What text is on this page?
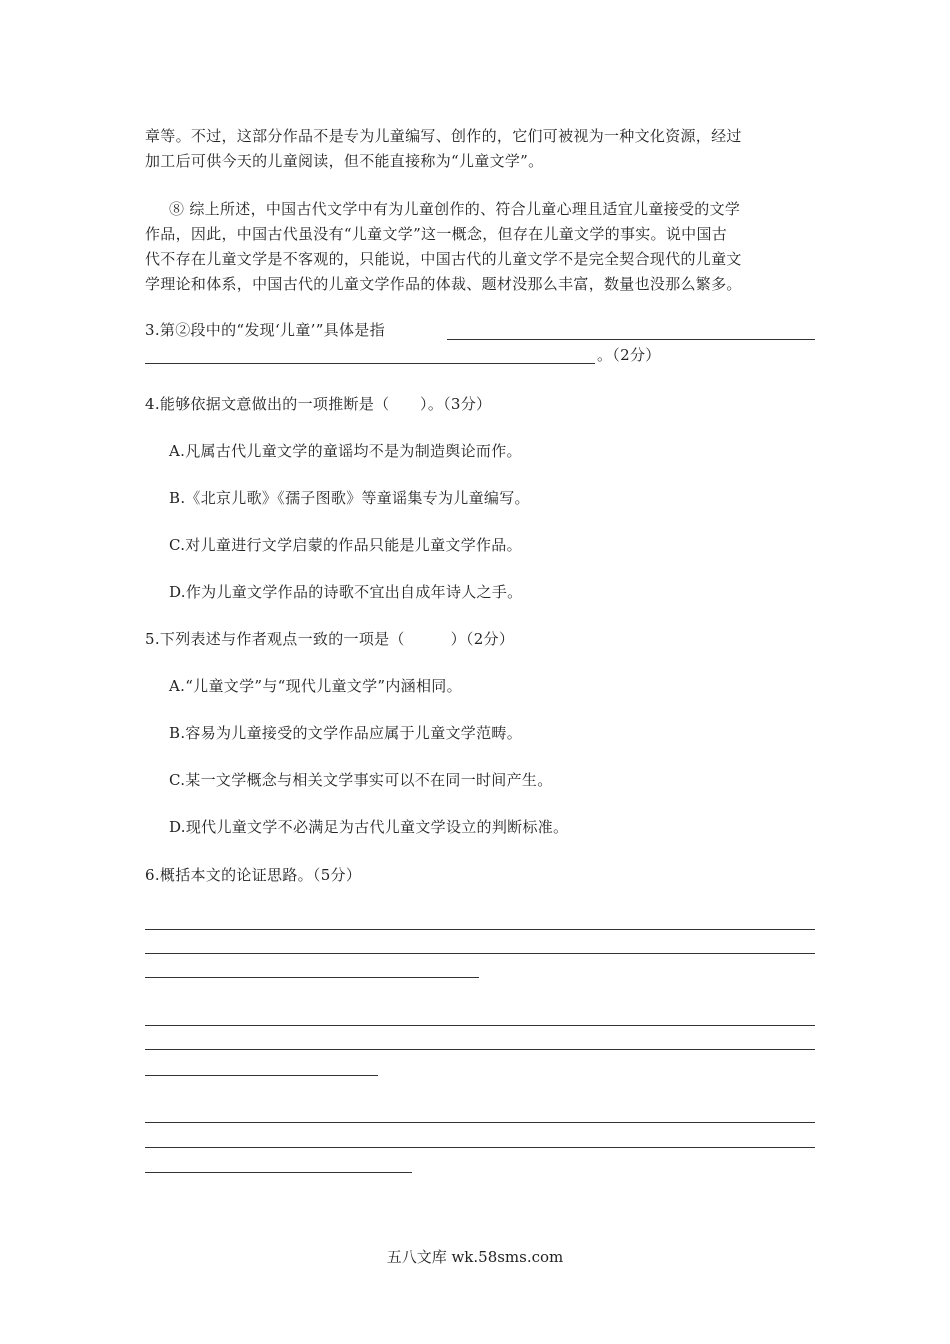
章等。不过，这部分作品不是专为儿童编写、创作的，它们可被视为一种文化资源，经过
加工后可供今天的儿童阅读，但不能直接称为“儿童文学”。
⑧ 综上所述，中国古代文学中有为儿童创作的、符合儿童心理且适宜儿童接受的文学
作品，因此，中国古代虽没有“儿童文学”这一概念，但存在儿童文学的事实。说中国古
代不存在儿童文学是不客观的，只能说，中国古代的儿童文学不是完全契合现代的儿童文
学理论和体系，中国古代的儿童文学作品的体裁、题材没那么丰富，数量也没那么繁多。
3.第②段中的“发现‘儿童’”具体是指
。（2分）
4.能够依据文意做出的一项推断是（　　）。（3分）
A.凡属古代儿童文学的童谣均不是为制造舆论而作。
B.《北京儿歌》《孺子图歌》等童谣集专为儿童编写。
C.对儿童进行文学启蒙的作品只能是儿童文学作品。
D.作为儿童文学作品的诗歌不宜出自成年诗人之手。
5.下列表述与作者观点一致的一项是（　　　）（2分）
A.“儿童文学”与“现代儿童文学”内涵相同。
B.容易为儿童接受的文学作品应属于儿童文学范畴。
C.某一文学概念与相关文学事实可以不在同一时间产生。
D.现代儿童文学不必满足为古代儿童文学设立的判断标准。
6.概括本文的论证思路。（5分）
五八文库 wk.58sms.com
